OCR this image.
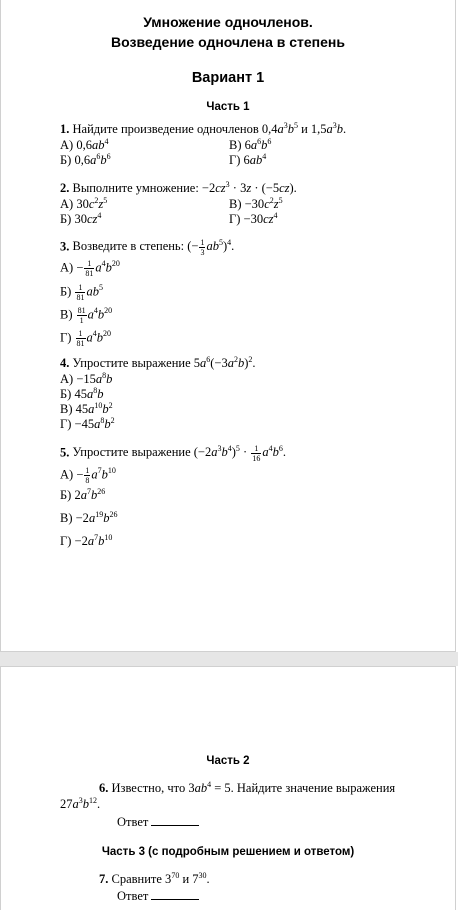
Умножение одночленов.
Возведение одночлена в степень
Вариант 1
Часть 1
1. Найдите произведение одночленов $0,4a^3b^5$ и $1,5a^3b$.
А) $0,6ab^4$	В) $6a^6b^6$
Б) $0,6a^6b^6$	Г) $6ab^4$
2. Выполните умножение: $-2cz^3 \cdot 3z \cdot (-5cz)$.
А) $30c^2z^5$	$В) -30c^2z^5$
Б) $30cz^4$	$Г) -30cz^4$
3. Возведите в степень: (− $\frac{1}{3} ab^5)^4$.
$А) - \frac{1}{81} a^4b^{20}$
$Б) \frac{1}{81} ab^5$
$В) \frac{81}{1} a^4b^{20}$
$Г) \frac{1}{81} a^4b^{20}$
4. Упростите выражение $5a^6(-3a^2b)^2$.
$А) -15a^8b$
Б) $45a^8b$
В) $45a^{10}b^2$
$Г) -45a^8b^2$
5. Упростите выражение $(-2a^3b^4)^5 \cdot \frac{1}{16} a^4b^6$.
$А) - \frac{1}{8} a^7b^{10}$
Б) $2a^7b^{26}$
$В) -2a^{19}b^{26}$
$Г) -2a^7b^{10}$
Часть 2
6. Известно, что $3ab^4 = 5$. Найдите значение выражения
$27a^3b^{12}$.
Ответ
Часть 3 (с подробным решением и ответом)
7. Сравните $3^{70}$ и $7^{30}$.
Ответ
